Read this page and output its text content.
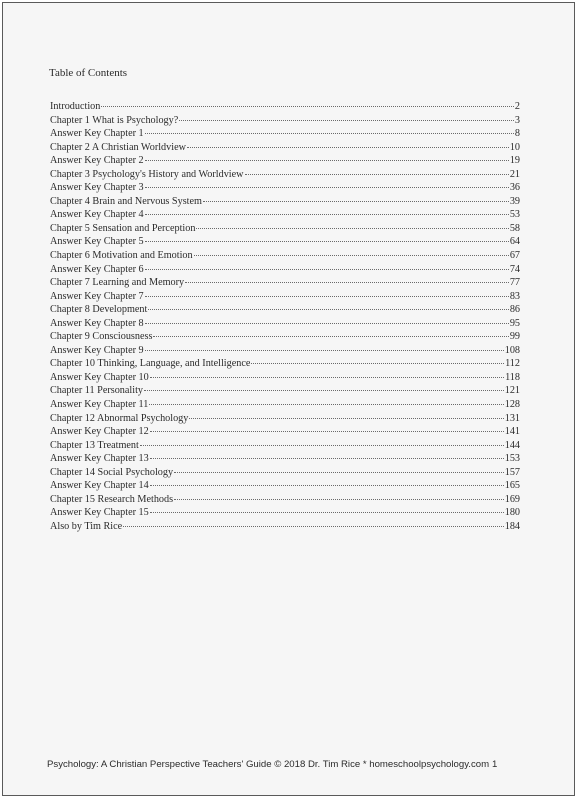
Table of Contents
Introduction	2
Chapter 1 What is Psychology?	3
Answer Key Chapter 1	8
Chapter 2 A Christian Worldview	10
Answer Key Chapter 2	19
Chapter 3 Psychology's History and Worldview	21
Answer Key Chapter 3	36
Chapter 4 Brain and Nervous System	39
Answer Key Chapter 4	53
Chapter 5 Sensation and Perception	58
Answer Key Chapter 5	64
Chapter 6 Motivation and Emotion	67
Answer Key Chapter 6	74
Chapter 7 Learning and Memory	77
Answer Key Chapter 7	83
Chapter 8 Development	86
Answer Key Chapter 8	95
Chapter 9 Consciousness	99
Answer Key Chapter 9	108
Chapter 10 Thinking, Language, and Intelligence	112
Answer Key Chapter 10	118
Chapter 11 Personality	121
Answer Key Chapter 11	128
Chapter 12 Abnormal Psychology	131
Answer Key Chapter 12	141
Chapter 13 Treatment	144
Answer Key Chapter 13	153
Chapter 14 Social Psychology	157
Answer Key Chapter 14	165
Chapter 15 Research Methods	169
Answer Key Chapter 15	180
Also by Tim Rice	184
Psychology: A Christian Perspective Teachers' Guide © 2018 Dr. Tim Rice * homeschoolpsychology.com 1
